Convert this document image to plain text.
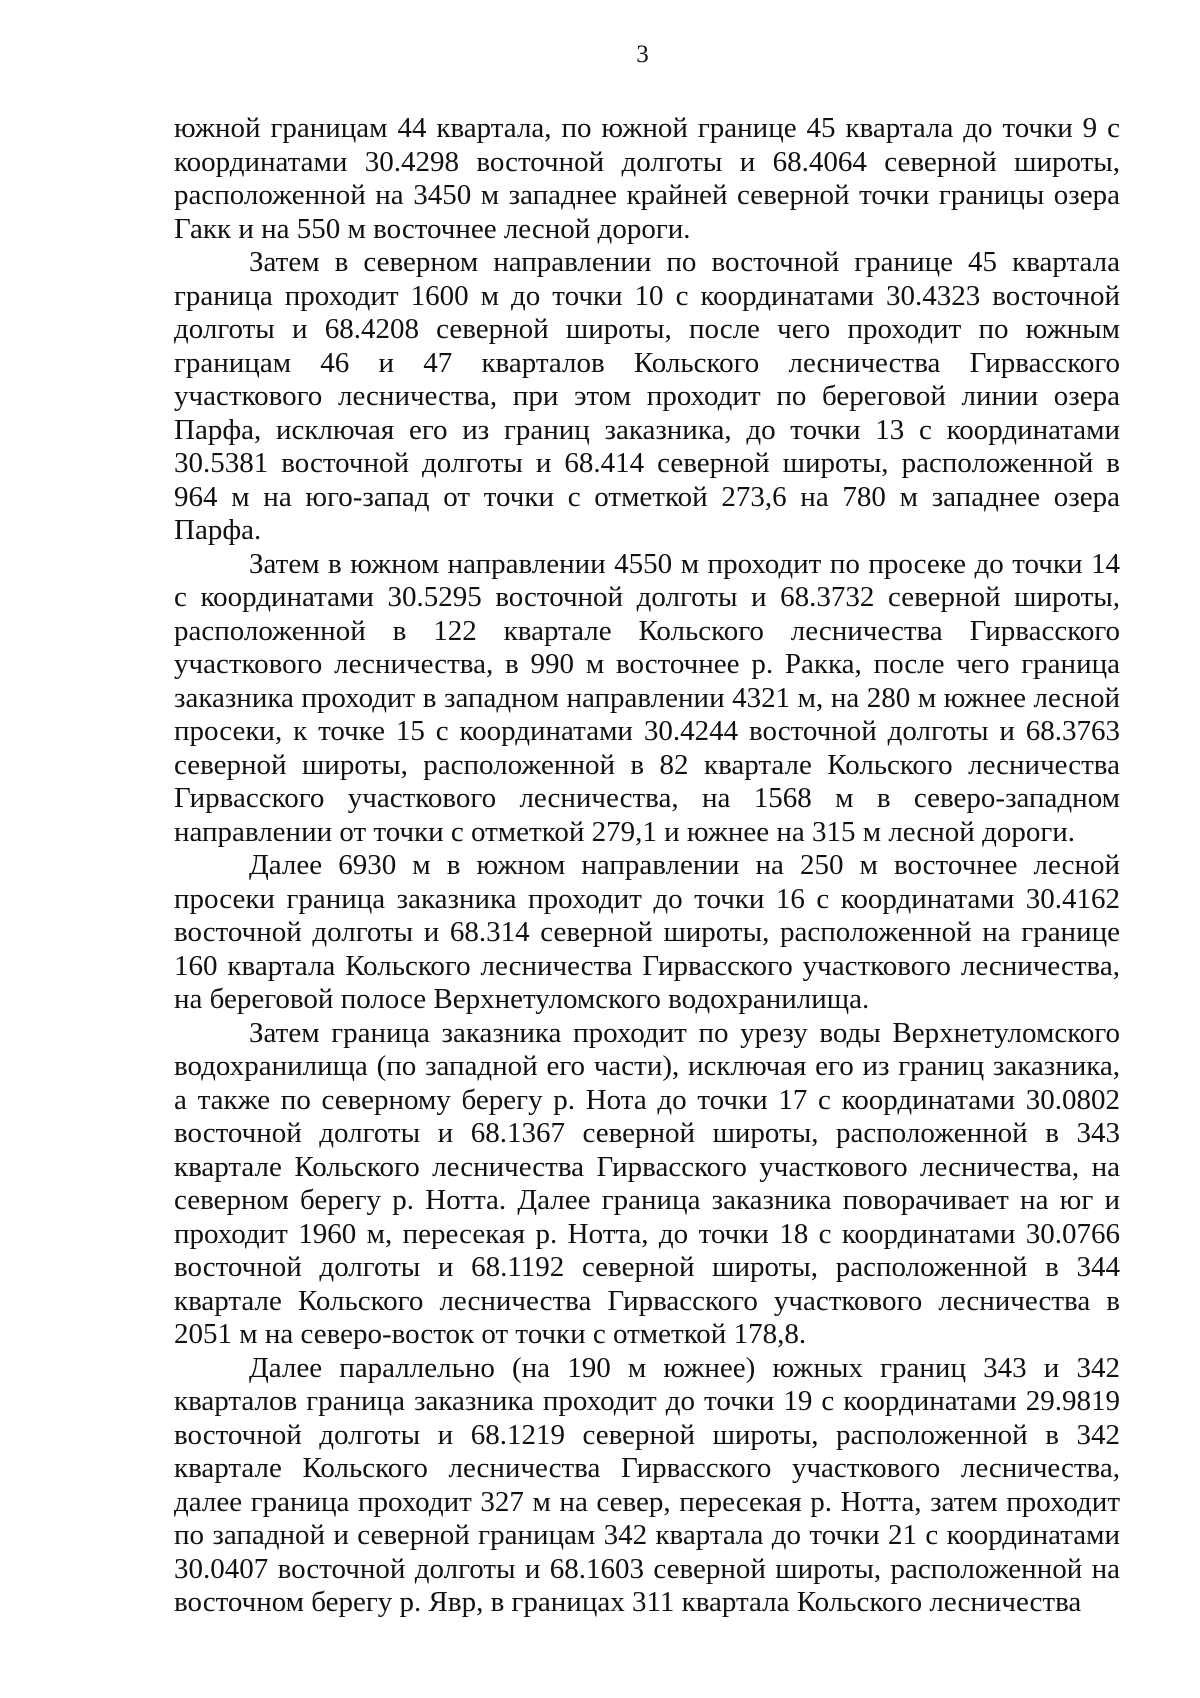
3

южной границам 44 квартала, по южной границе 45 квартала до точки 9 с координатами 30.4298 восточной долготы и 68.4064 северной широты, расположенной на 3450 м западнее крайней северной точки границы озера Гакк и на 550 м восточнее лесной дороги.

Затем в северном направлении по восточной границе 45 квартала граница проходит 1600 м до точки 10 с координатами 30.4323 восточной долготы и 68.4208 северной широты, после чего проходит по южным границам 46 и 47 кварталов Кольского лесничества Гирвасского участкового лесничества, при этом проходит по береговой линии озера Парфа, исключая его из границ заказника, до точки 13 с координатами 30.5381 восточной долготы и 68.414 северной широты, расположенной в 964 м на юго-запад от точки с отметкой 273,6 на 780 м западнее озера Парфа.

Затем в южном направлении 4550 м проходит по просеке до точки 14 с координатами 30.5295 восточной долготы и 68.3732 северной широты, расположенной в 122 квартале Кольского лесничества Гирвасского участкового лесничества, в 990 м восточнее р. Ракка, после чего граница заказника проходит в западном направлении 4321 м, на 280 м южнее лесной просеки, к точке 15 с координатами 30.4244 восточной долготы и 68.3763 северной широты, расположенной в 82 квартале Кольского лесничества Гирвасского участкового лесничества, на 1568 м в северо-западном направлении от точки с отметкой 279,1 и южнее на 315 м лесной дороги.

Далее 6930 м в южном направлении на 250 м восточнее лесной просеки граница заказника проходит до точки 16 с координатами 30.4162 восточной долготы и 68.314 северной широты, расположенной на границе 160 квартала Кольского лесничества Гирвасского участкового лесничества, на береговой полосе Верхнетуломского водохранилища.

Затем граница заказника проходит по урезу воды Верхнетуломского водохранилища (по западной его части), исключая его из границ заказника, а также по северному берегу р. Нота до точки 17 с координатами 30.0802 восточной долготы и 68.1367 северной широты, расположенной в 343 квартале Кольского лесничества Гирвасского участкового лесничества, на северном берегу р. Нотта. Далее граница заказника поворачивает на юг и проходит 1960 м, пересекая р. Нотта, до точки 18 с координатами 30.0766 восточной долготы и 68.1192 северной широты, расположенной в 344 квартале Кольского лесничества Гирвасского участкового лесничества в 2051 м на северо-восток от точки с отметкой 178,8.

Далее параллельно (на 190 м южнее) южных границ 343 и 342 кварталов граница заказника проходит до точки 19 с координатами 29.9819 восточной долготы и 68.1219 северной широты, расположенной в 342 квартале Кольского лесничества Гирвасского участкового лесничества, далее граница проходит 327 м на север, пересекая р. Нотта, затем проходит по западной и северной границам 342 квартала до точки 21 с координатами 30.0407 восточной долготы и 68.1603 северной широты, расположенной на восточном берегу р. Явр, в границах 311 квартала Кольского лесничества
